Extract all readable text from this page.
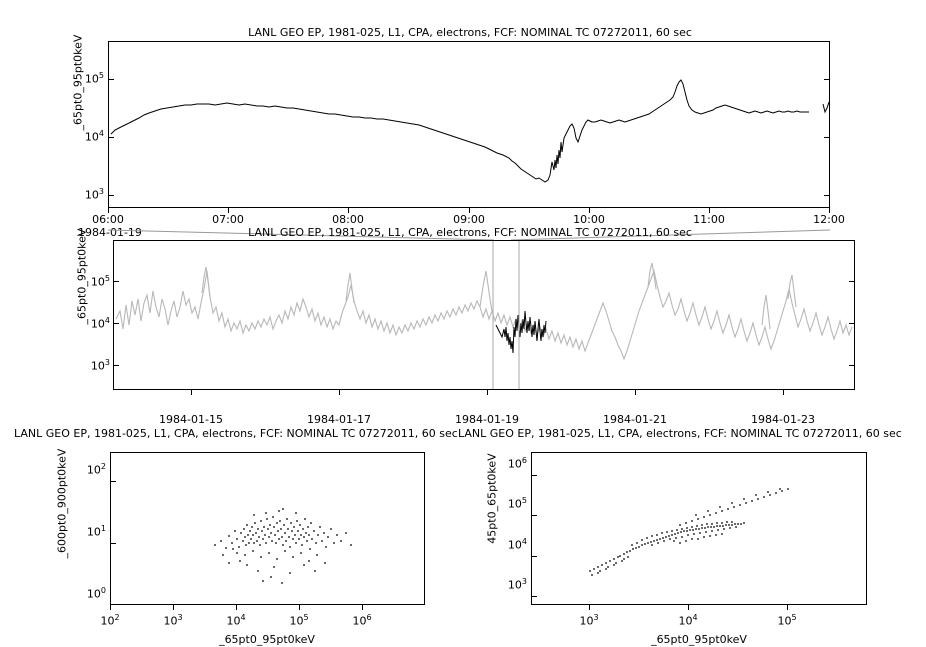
LANL GEO EP, 1981-025, L1, CPA, electrons, FCF: NOMINAL TC 07272011, 60 sec
_65pt0_95pt0keV $10^5$
$10^4$
$10^3$
06:00	07:00	08:00	09:00	10:00	11:00	12:00
1984-01-19	LANL GEO EP, 1981-025, L1, CPA, electrons, FCF: NOMINAL TC 07272011, 60 sec
_65pt0_95pt0keV $10^5$
$10^4$
$10^3$
1984-01-15	1984-01-17	1984-01-19	1984-01-21	1984-01-23
LANL GEO EP, 1981-025, L1, CPA, electrons, FCF: NOMINAL TC 07272011, 60 sec
_600pt0_900pt0keV	$10^2$
$10^1$
$10^0$
$10^2$	$10^3$	$10^4$	$10^5$	$10^6$
_65pt0_95pt0keV
LANL GEO EP, 1981-025, L1, CPA, electrons, FCF: NOMINAL TC 07272011, 60 sec
45pt0_65pt0keV $10^6$
$10^5$
$10^4$
$10^3$
$10^3$	$10^4$	$10^5$
_65pt0_95pt0keV
